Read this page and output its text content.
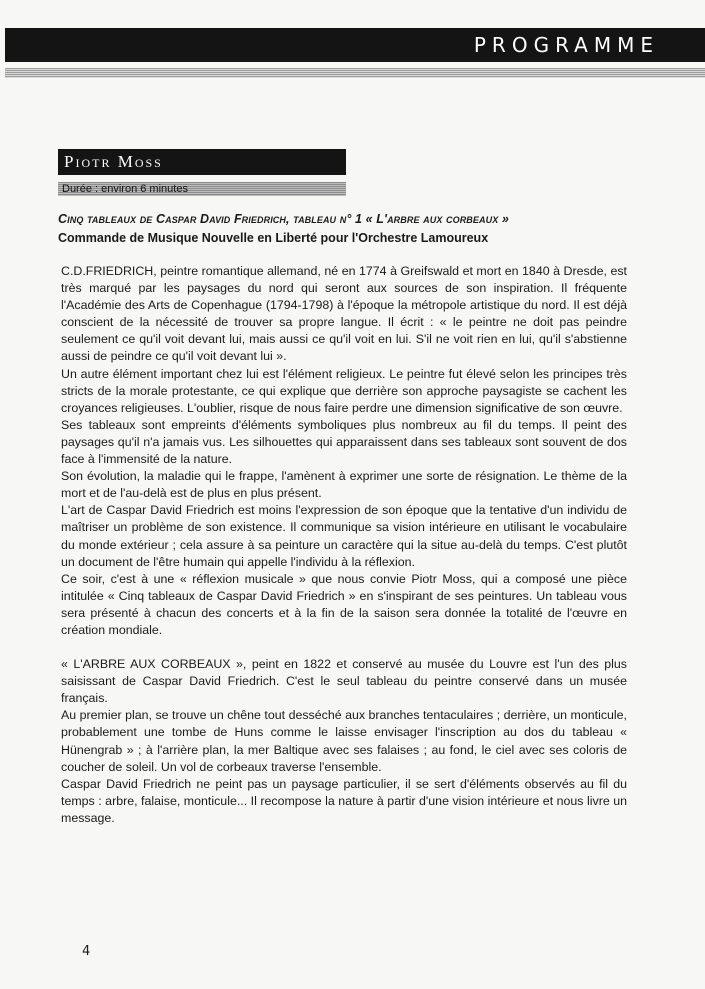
PROGRAMME
Piotr Moss
Durée : environ 6 minutes
Cinq tableaux de Caspar David Friedrich, tableau n° 1 « L'arbre aux corbeaux »
Commande de Musique Nouvelle en Liberté pour l'Orchestre Lamoureux

C.D.FRIEDRICH, peintre romantique allemand, né en 1774 à Greifswald et mort en 1840 à Dresde, est très marqué par les paysages du nord qui seront aux sources de son inspiration. Il fréquente l'Académie des Arts de Copenhague (1794-1798) à l'époque la métropole artistique du nord. Il est déjà conscient de la nécessité de trouver sa propre langue. Il écrit : « le peintre ne doit pas peindre seulement ce qu'il voit devant lui, mais aussi ce qu'il voit en lui. S'il ne voit rien en lui, qu'il s'abstienne aussi de peindre ce qu'il voit devant lui ».

Un autre élément important chez lui est l'élément religieux. Le peintre fut élevé selon les principes très stricts de la morale protestante, ce qui explique que derrière son approche paysagiste se cachent les croyances religieuses. L'oublier, risque de nous faire perdre une dimension significative de son œuvre.

Ses tableaux sont empreints d'éléments symboliques plus nombreux au fil du temps. Il peint des paysages qu'il n'a jamais vus. Les silhouettes qui apparaissent dans ses tableaux sont souvent de dos face à l'immensité de la nature.

Son évolution, la maladie qui le frappe, l'amènent à exprimer une sorte de résignation. Le thème de la mort et de l'au-delà est de plus en plus présent.

L'art de Caspar David Friedrich est moins l'expression de son époque que la tentative d'un individu de maîtriser un problème de son existence. Il communique sa vision intérieure en utilisant le vocabulaire du monde extérieur ; cela assure à sa peinture un caractère qui la situe au-delà du temps. C'est plutôt un document de l'être humain qui appelle l'individu à la réflexion.

Ce soir, c'est à une « réflexion musicale » que nous convie Piotr Moss, qui a composé une pièce intitulée « Cinq tableaux de Caspar David Friedrich » en s'inspirant de ses peintures. Un tableau vous sera présenté à chacun des concerts et à la fin de la saison sera donnée la totalité de l'œuvre en création mondiale.

« L'ARBRE AUX CORBEAUX », peint en 1822 et conservé au musée du Louvre est l'un des plus saisissant de Caspar David Friedrich. C'est le seul tableau du peintre conservé dans un musée français.

Au premier plan, se trouve un chêne tout desséché aux branches tentaculaires ; derrière, un monticule, probablement une tombe de Huns comme le laisse envisager l'inscription au dos du tableau « Hünengrab » ; à l'arrière plan, la mer Baltique avec ses falaises ; au fond, le ciel avec ses coloris de coucher de soleil. Un vol de corbeaux traverse l'ensemble.

Caspar David Friedrich ne peint pas un paysage particulier, il se sert d'éléments observés au fil du temps : arbre, falaise, monticule... Il recompose la nature à partir d'une vision intérieure et nous livre un message.

4
